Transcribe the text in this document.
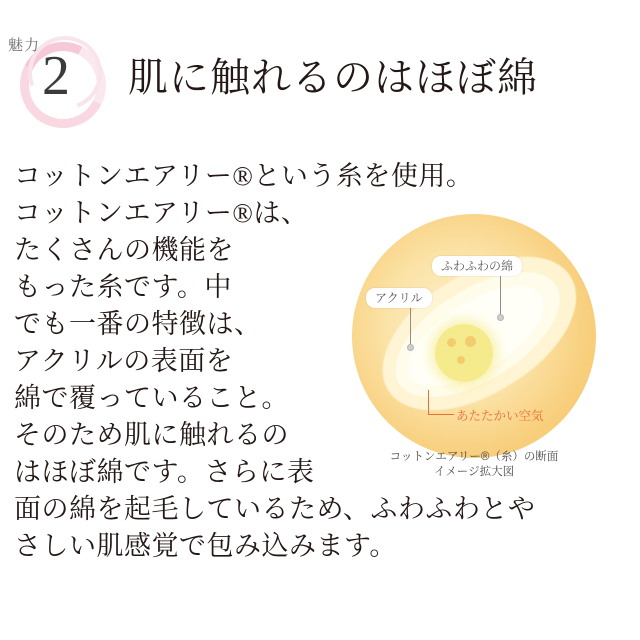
魅力 2 肌に触れるのはほぼ綿
コットンエアリー®という糸を使用。
コットンエアリー®は、
たくさんの機能を
もった糸です。中
でも一番の特徴は、
アクリルの表面を
綿で覆っていること。
そのため肌に触れるの
はほぼ綿です。さらに表
面の綿を起毛しているため、ふわふわとや
さしい肌感覚で包み込みます。
ふわふわの綿
アクリル
あたたかい空気
コットンエアリー®（糸）の断面
イメージ拡大図
